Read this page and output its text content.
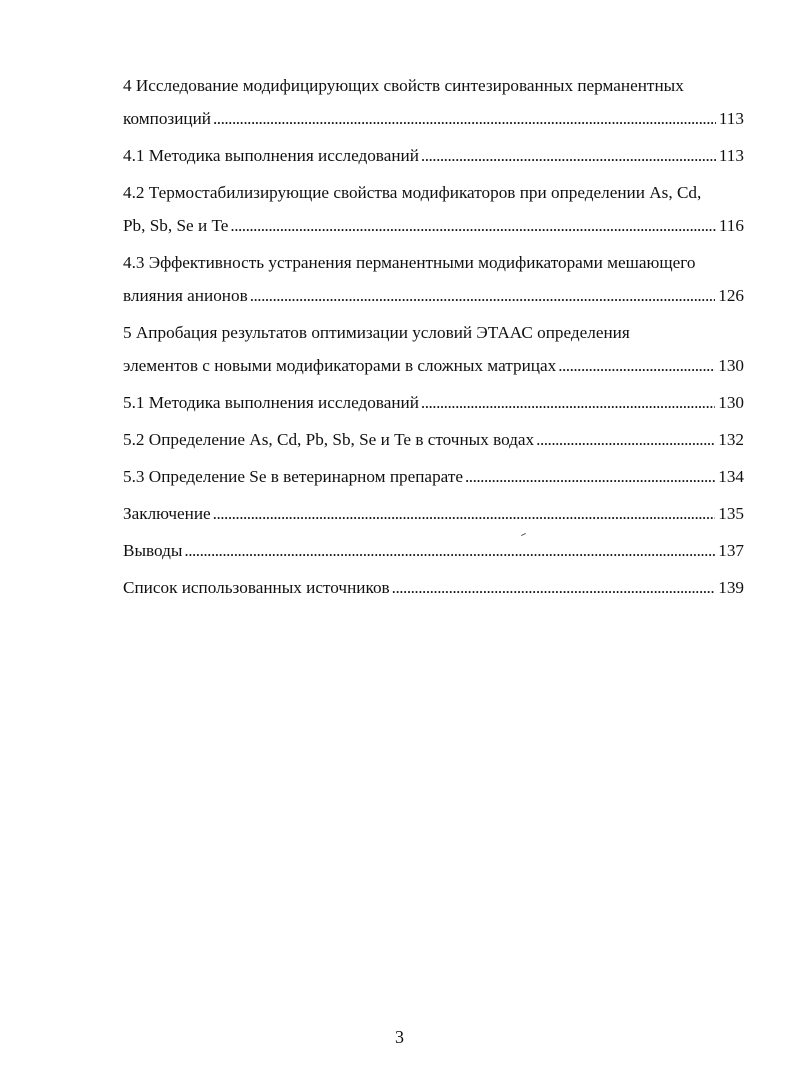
4 Исследование модифицирующих свойств синтезированных перманентных
композиций . . .	113
4.1 Методика выполнения исследований . . .	113
4.2 Термостабилизирующие свойства модификаторов при определении As, Cd,
Pb, Sb, Se и Te . . .	116
4.3 Эффективность устранения перманентными модификаторами мешающего
влияния анионов . . .	126
5 Апробация результатов оптимизации условий ЭТААС определения
элементов с новыми модификаторами в сложных матрицах . . .	130
5.1 Методика выполнения исследований . . .	130
5.2 Определение As, Cd, Pb, Sb, Se и Te в сточных водах . . .	132
5.3 Определение Se в ветеринарном препарате . . .	134
Заключение . . .	135
Выводы . . .	137
Список использованных источников . . .	139
3
